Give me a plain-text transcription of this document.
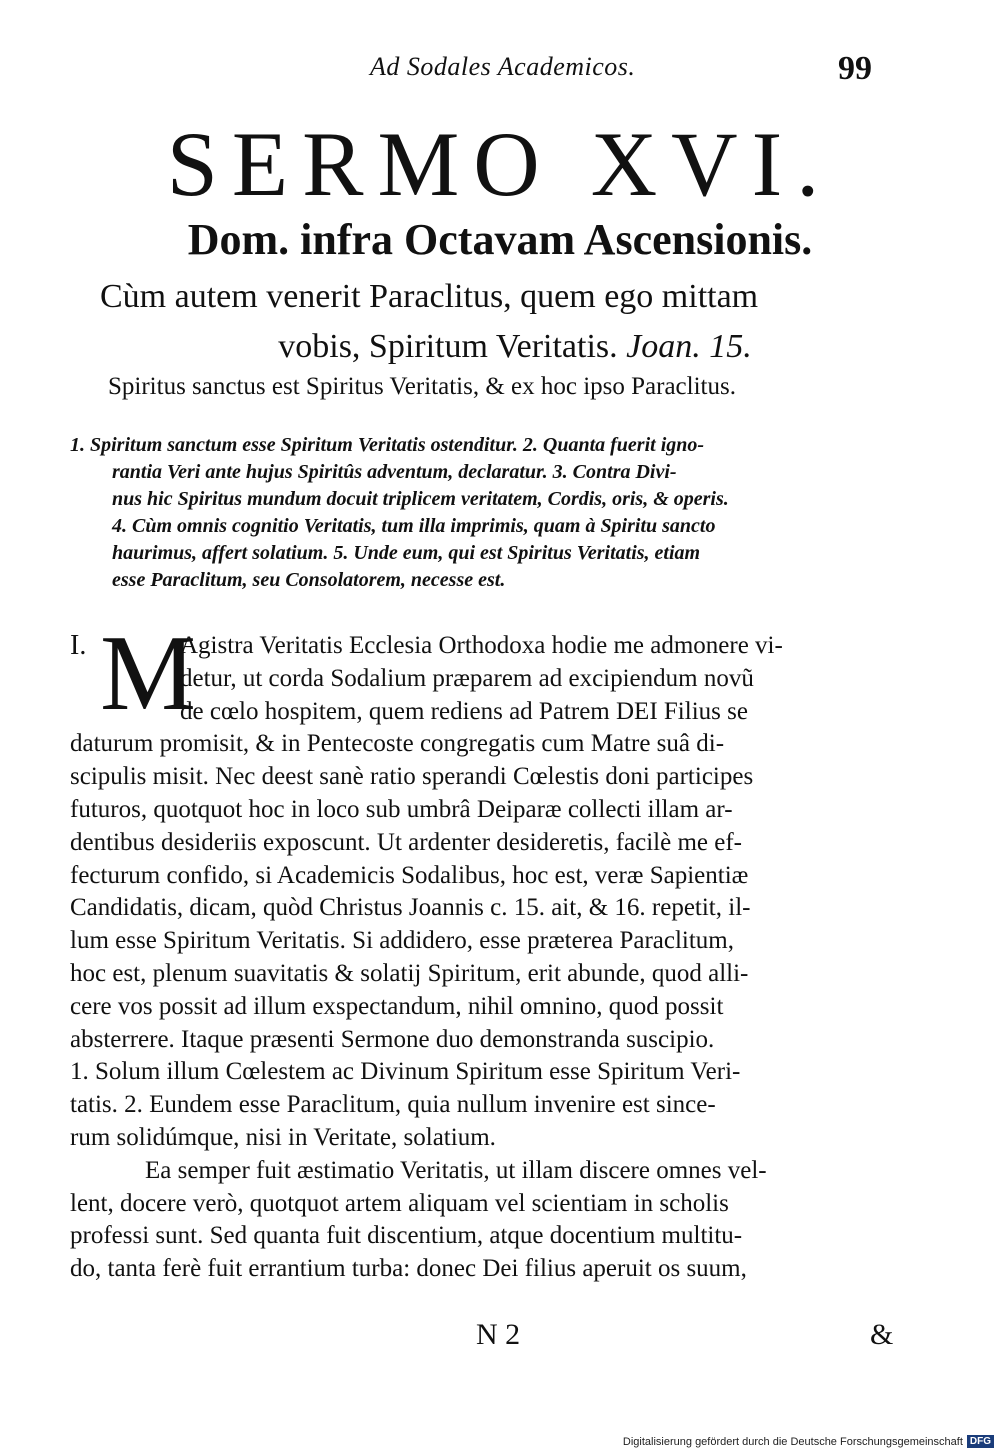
Ad Sodales Academicos.	99
SERMO XVI.
Dom. infra Octavam Ascensionis.
Cùm autem venerit Paraclitus, quem ego mittam
vobis, Spiritum Veritatis. Joan. 15.
Spiritus sanctus est Spiritus Veritatis, & ex hoc ipso Paraclitus.
1. Spiritum sanctum esse Spiritum Veritatis ostenditur. 2. Quanta fuerit igno-
rantia Veri ante hujus Spiritûs adventum, declaratur. 3. Contra Divi-
nus hic Spiritus mundum docuit triplicem veritatem, Cordis, oris, & operis.
4. Cùm omnis cognitio Veritatis, tum illa imprimis, quam à Spiritu sancto
haurimus, affert solatium. 5. Unde eum, qui est Spiritus Veritatis, etiam
esse Paraclitum, seu Consolatorem, necesse est.
I. M
Agistra Veritatis Ecclesia Orthodoxa hodie me admonere vi-
detur, ut corda Sodalium præparem ad excipiendum novũ
de cœlo hospitem, quem rediens ad Patrem DEI Filius se
daturum promisit, & in Pentecoste congregatis cum Matre suâ di-
scipulis misit. Nec deest sanè ratio sperandi Cœlestis doni participes
futuros, quotquot hoc in loco sub umbrâ Deiparæ collecti illam ar-
dentibus desideriis exposcunt. Ut ardenter desideretis, facilè me ef-
fecturum confido, si Academicis Sodalibus, hoc est, veræ Sapientiæ
Candidatis, dicam, quòd Christus Joannis c. 15. ait, & 16. repetit, il-
lum esse Spiritum Veritatis. Si addidero, esse præterea Paraclitum,
hoc est, plenum suavitatis & solatij Spiritum, erit abunde, quod alli-
cere vos possit ad illum exspectandum, nihil omnino, quod possit
absterrere. Itaque præsenti Sermone duo demonstranda suscipio.
1. Solum illum Cœlestem ac Divinum Spiritum esse Spiritum Veri-
tatis. 2. Eundem esse Paraclitum, quia nullum invenire est since-
rum solidúmque, nisi in Veritate, solatium.
Ea semper fuit æstimatio Veritatis, ut illam discere omnes vel-
lent, docere verò, quotquot artem aliquam vel scientiam in scholis
professi sunt. Sed quanta fuit discentium, atque docentium multitu-
do, tanta ferè fuit errantium turba: donec Dei filius aperuit os suum,
N 2	&
Digitalisierung gefördert durch die Deutsche Forschungsgemeinschaft DFG
